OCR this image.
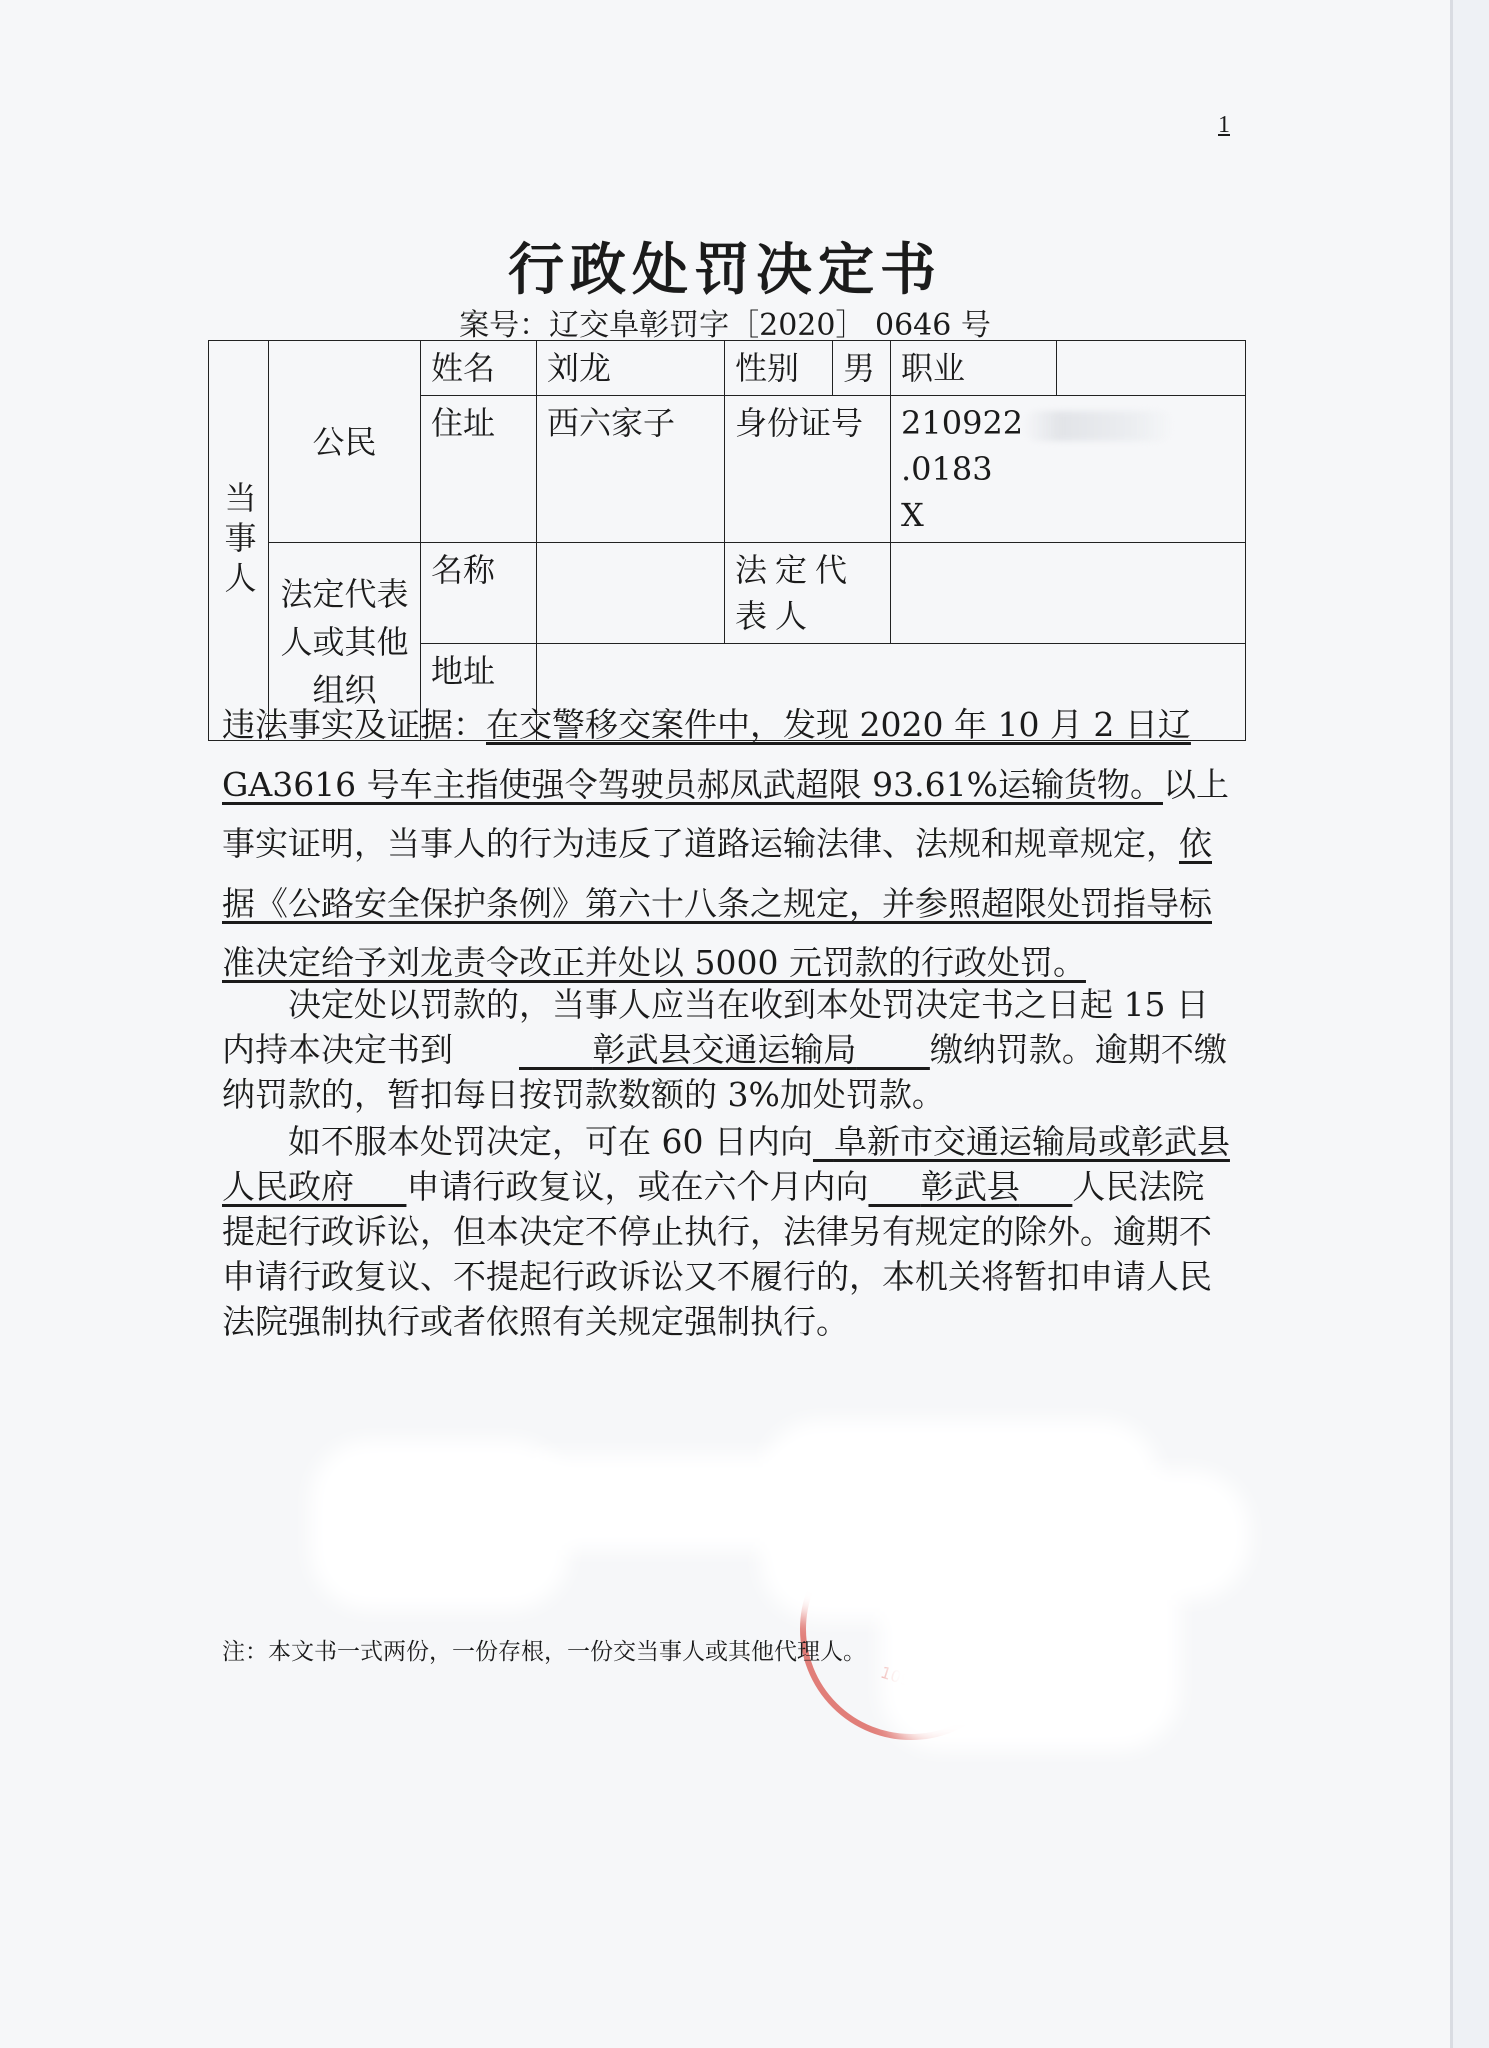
1
行政处罚决定书
案号：辽交阜彰罚字［2020］ 0646 号
当事人	公民	姓名	刘龙	性别	男	职业	
		住址	西六家子	身份证号		210922.0183
X	
	法定代表人或其他组织	名称		法定代表人			
		地址					
违法事实及证据：在交警移交案件中，发现 2020 年 10 月 2 日辽GA3616 号车主指使强令驾驶员郝凤武超限 93.61%运输货物。以上事实证明，当事人的行为违反了道路运输法律、法规和规章规定，依据《公路安全保护条例》第六十八条之规定，并参照超限处罚指导标准决定给予刘龙责令改正并处以 5000 元罚款的行政处罚。
决定处以罚款的，当事人应当在收到本处罚决定书之日起 15 日内持本决定书到	彰武县交通运输局 缴纳罚款。逾期不缴纳罚款的，暂扣每日按罚款数额的 3%加处罚款。
如不服本处罚决定，可在 60 日内向 阜新市交通运输局或彰武县人民政府 申请行政复议，或在六个月内向 彰武县 人民法院提起行政诉讼，但本决定不停止执行，法律另有规定的除外。逾期不申请行政复议、不提起行政诉讼又不履行的，本机关将暂扣申请人民法院强制执行或者依照有关规定强制执行。
注：本文书一式两份，一份存根，一份交当事人或其他代理人。
